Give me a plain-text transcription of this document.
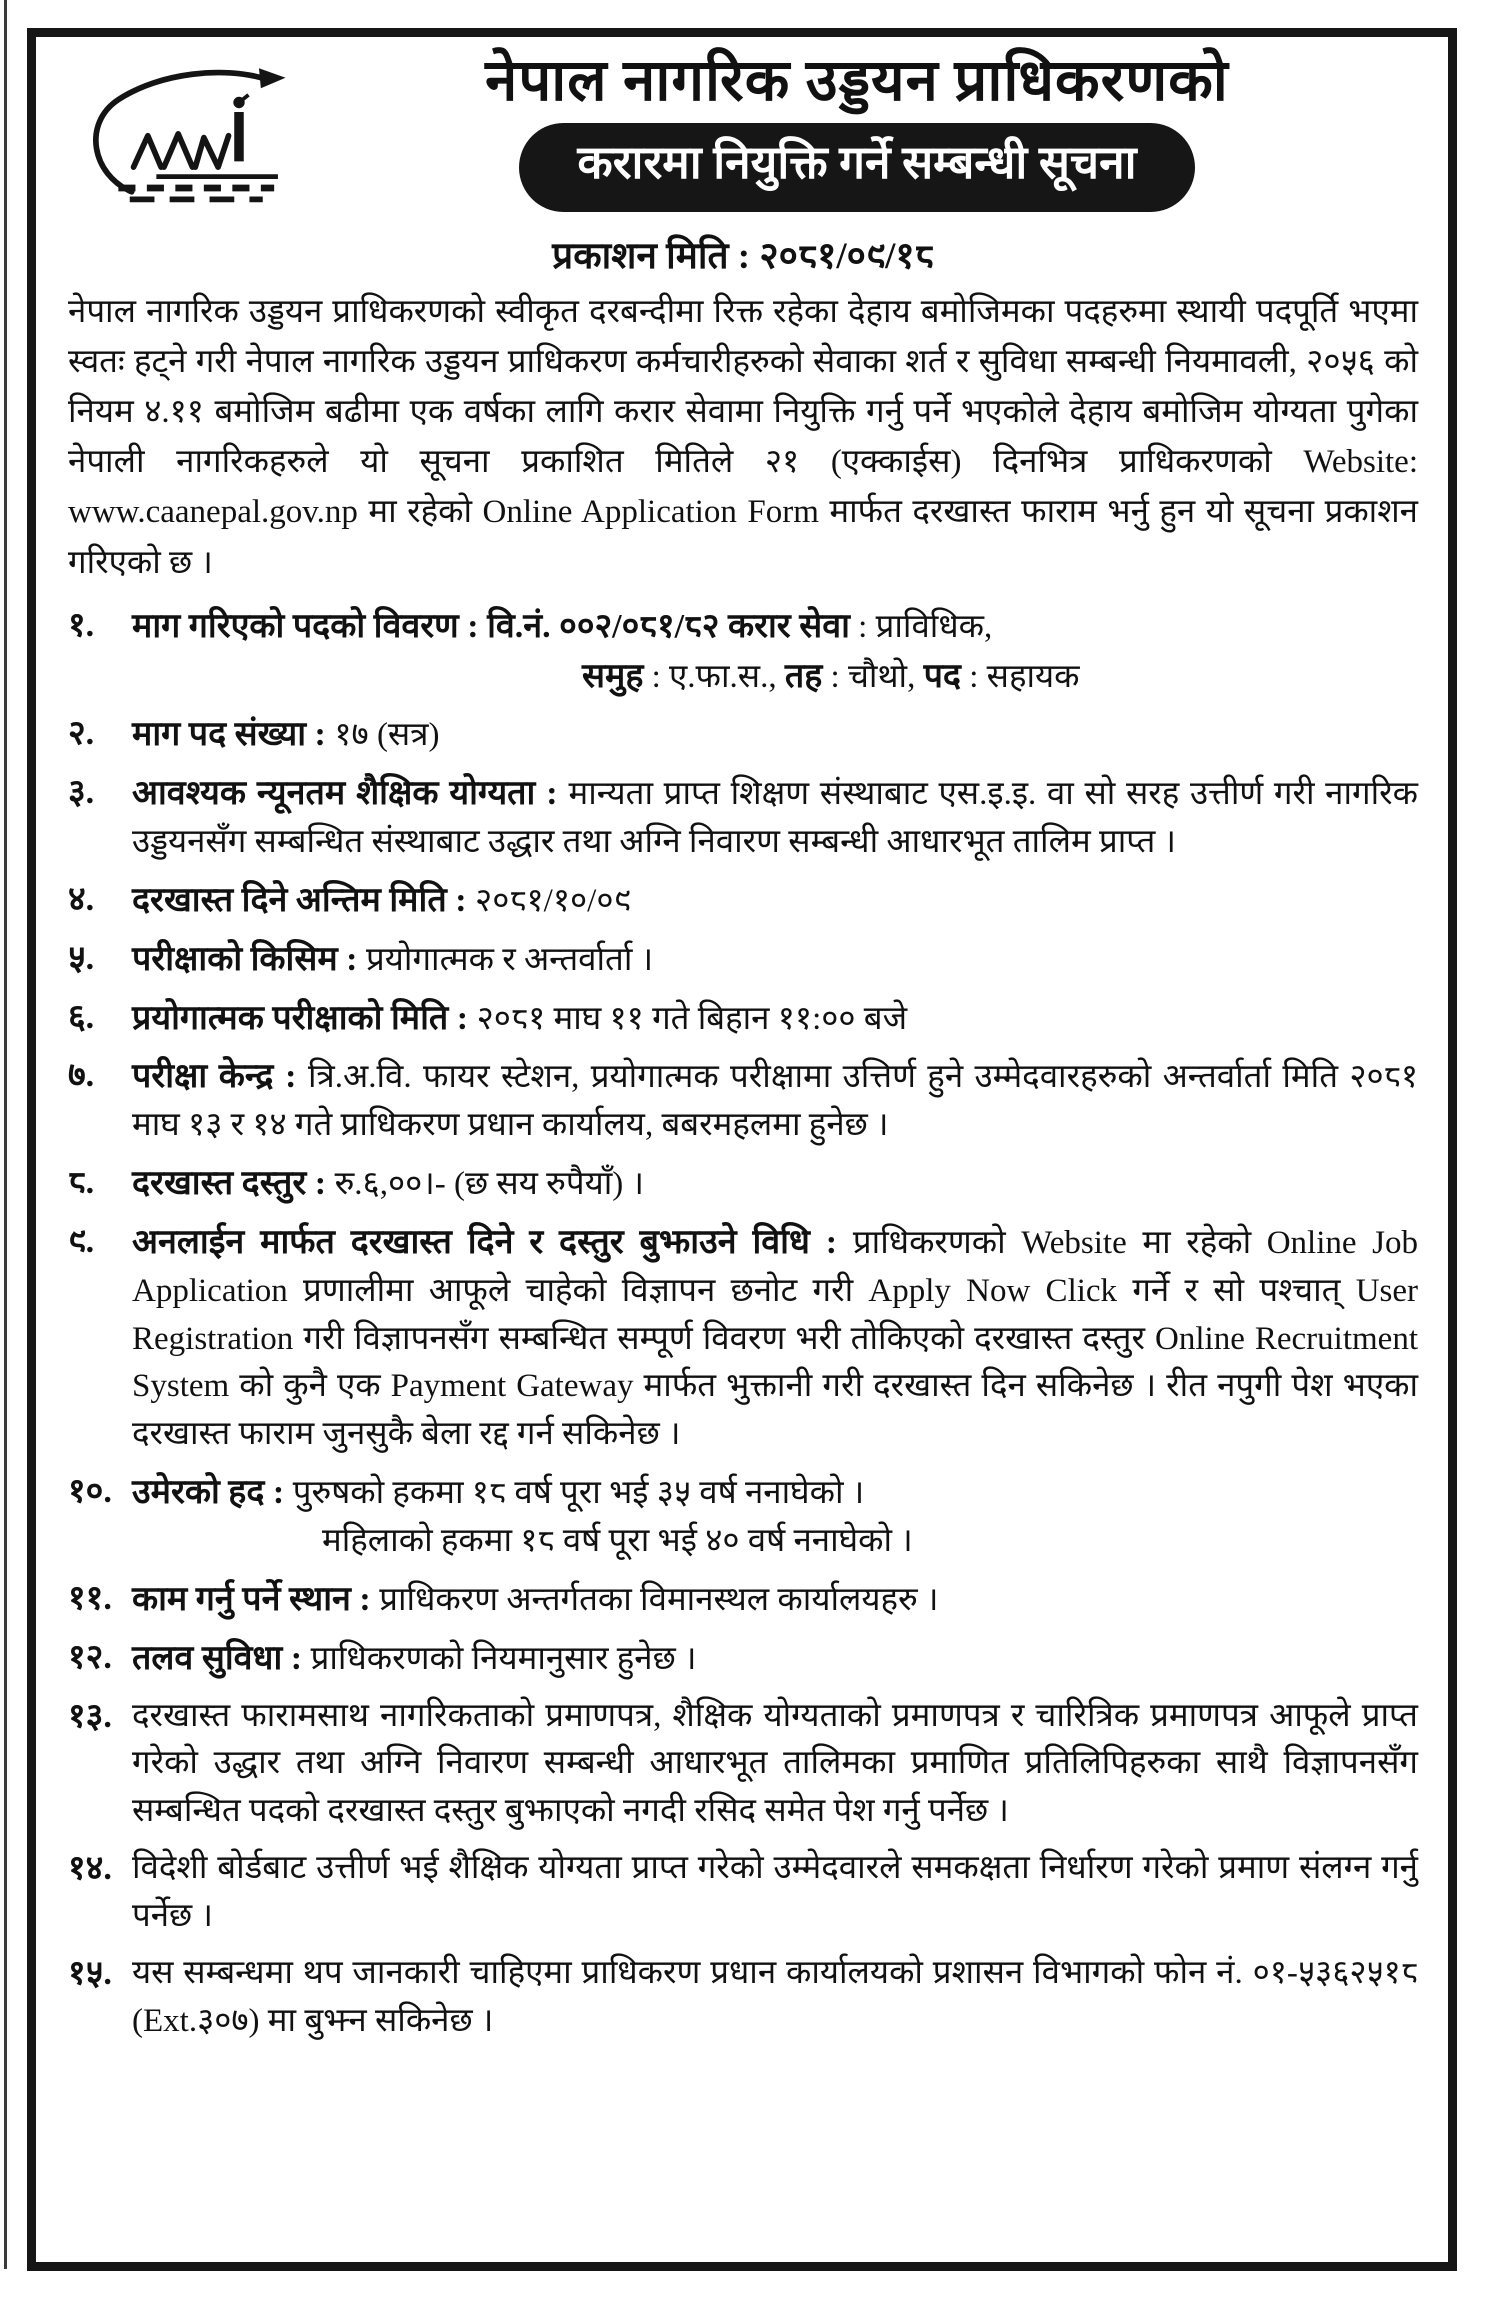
नेपाल नागरिक उड्डयन प्राधिकरणको
करारमा नियुक्ति गर्ने सम्बन्धी सूचना
प्रकाशन मिति : २०८१/०९/१८

नेपाल नागरिक उड्डयन प्राधिकरणको स्वीकृत दरबन्दीमा रिक्त रहेका देहाय बमोजिमका पदहरुमा स्थायी पदपूर्ति भएमा स्वतः हट्ने गरी नेपाल नागरिक उड्डयन प्राधिकरण कर्मचारीहरुको सेवाका शर्त र सुविधा सम्बन्धी नियमावली, २०५६ को नियम ४.११ बमोजिम बढीमा एक वर्षका लागि करार सेवामा नियुक्ति गर्नु पर्ने भएकोले देहाय बमोजिम योग्यता पुगेका नेपाली नागरिकहरुले यो सूचना प्रकाशित मितिले २१ (एक्काईस) दिनभित्र प्राधिकरणको Website: www.caanepal.gov.np मा रहेको Online Application Form मार्फत दरखास्त फाराम भर्नु हुन यो सूचना प्रकाशन गरिएको छ ।

१.	माग गरिएको पदको विवरण : वि.नं. ००२/०८१/८२ करार सेवा : प्राविधिक,
समुह : ए.फा.स., तह : चौथो, पद : सहायक
२.	माग पद संख्या : १७ (सत्र)
३.	आवश्यक न्यूनतम शैक्षिक योग्यता : मान्यता प्राप्त शिक्षण संस्थाबाट एस.इ.इ. वा सो सरह उत्तीर्ण गरी नागरिक उड्डयनसँग सम्बन्धित संस्थाबाट उद्धार तथा अग्नि निवारण सम्बन्धी आधारभूत तालिम प्राप्त ।
४.	दरखास्त दिने अन्तिम मिति : २०८१/१०/०९
५.	परीक्षाको किसिम : प्रयोगात्मक र अन्तर्वार्ता ।
६.	प्रयोगात्मक परीक्षाको मिति : २०८१ माघ ११ गते बिहान ११:०० बजे
७.	परीक्षा केन्द्र : त्रि.अ.वि. फायर स्टेशन, प्रयोगात्मक परीक्षामा उत्तिर्ण हुने उम्मेदवारहरुको अन्तर्वार्ता मिति २०८१ माघ १३ र १४ गते प्राधिकरण प्रधान कार्यालय, बबरमहलमा हुनेछ ।
८.	दरखास्त दस्तुर : रु.६,००।- (छ सय रुपैयाँ) ।
९.	अनलाईन मार्फत दरखास्त दिने र दस्तुर बुझाउने विधि : प्राधिकरणको Website मा रहेको Online Job Application प्रणालीमा आफूले चाहेको विज्ञापन छनोट गरी Apply Now Click गर्ने र सो पश्चात् User Registration गरी विज्ञापनसँग सम्बन्धित सम्पूर्ण विवरण भरी तोकिएको दरखास्त दस्तुर Online Recruitment System को कुनै एक Payment Gateway मार्फत भुक्तानी गरी दरखास्त दिन सकिनेछ । रीत नपुगी पेश भएका दरखास्त फाराम जुनसुकै बेला रद्द गर्न सकिनेछ ।
१०. उमेरको हद : पुरुषको हकमा १८ वर्ष पूरा भई ३५ वर्ष ननाघेको ।
महिलाको हकमा १८ वर्ष पूरा भई ४० वर्ष ननाघेको ।
११. काम गर्नु पर्ने स्थान : प्राधिकरण अन्तर्गतका विमानस्थल कार्यालयहरु ।
१२. तलव सुविधा : प्राधिकरणको नियमानुसार हुनेछ ।
१३. दरखास्त फारामसाथ नागरिकताको प्रमाणपत्र, शैक्षिक योग्यताको प्रमाणपत्र र चारित्रिक प्रमाणपत्र आफूले प्राप्त गरेको उद्धार तथा अग्नि निवारण सम्बन्धी आधारभूत तालिमका प्रमाणित प्रतिलिपिहरुका साथै विज्ञापनसँग सम्बन्धित पदको दरखास्त दस्तुर बुझाएको नगदी रसिद समेत पेश गर्नु पर्नेछ ।
१४. विदेशी बोर्डबाट उत्तीर्ण भई शैक्षिक योग्यता प्राप्त गरेको उम्मेदवारले समकक्षता निर्धारण गरेको प्रमाण संलग्न गर्नु पर्नेछ ।
१५. यस सम्बन्धमा थप जानकारी चाहिएमा प्राधिकरण प्रधान कार्यालयको प्रशासन विभागको फोन नं. ०१-५३६२५१८ (Ext.३०७) मा बुझ्न सकिनेछ ।
